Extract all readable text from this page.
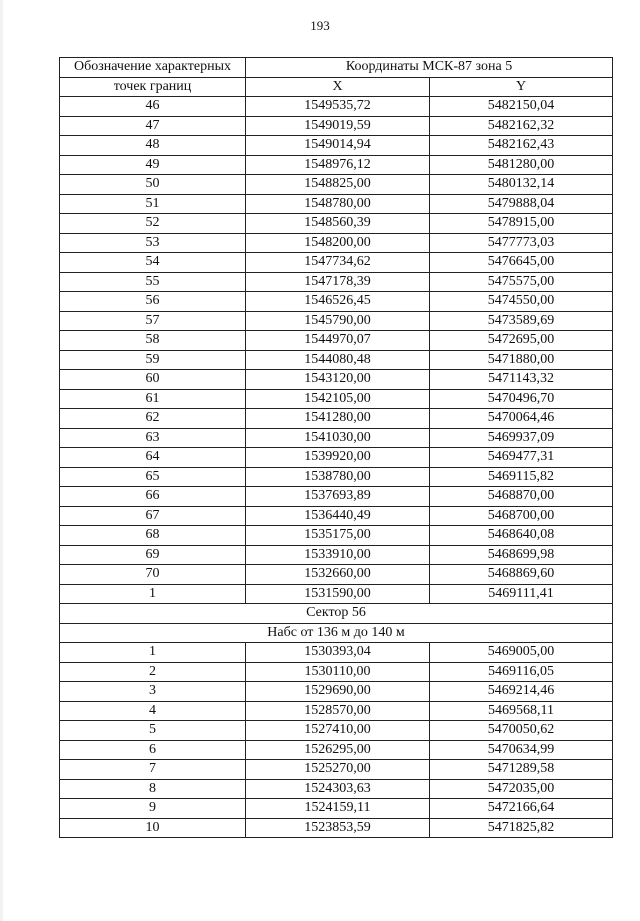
193
Обозначение характерных	Координаты МСК-87 зона 5	
точек границ	X	Y
46	1549535,72	5482150,04
47	1549019,59	5482162,32
48	1549014,94	5482162,43
49	1548976,12	5481280,00
50	1548825,00	5480132,14
51	1548780,00	5479888,04
52	1548560,39	5478915,00
53	1548200,00	5477773,03
54	1547734,62	5476645,00
55	1547178,39	5475575,00
56	1546526,45	5474550,00
57	1545790,00	5473589,69
58	1544970,07	5472695,00
59	1544080,48	5471880,00
60	1543120,00	5471143,32
61	1542105,00	5470496,70
62	1541280,00	5470064,46
63	1541030,00	5469937,09
64	1539920,00	5469477,31
65	1538780,00	5469115,82
66	1537693,89	5468870,00
67	1536440,49	5468700,00
68	1535175,00	5468640,08
69	1533910,00	5468699,98
70	1532660,00	5468869,60
1	1531590,00	5469111,41
Сектор 56		
Набс от 136 м до 140 м		
1	1530393,04	5469005,00
2	1530110,00	5469116,05
3	1529690,00	5469214,46
4	1528570,00	5469568,11
5	1527410,00	5470050,62
6	1526295,00	5470634,99
7	1525270,00	5471289,58
8	1524303,63	5472035,00
9	1524159,11	5472166,64
10	1523853,59	5471825,82
